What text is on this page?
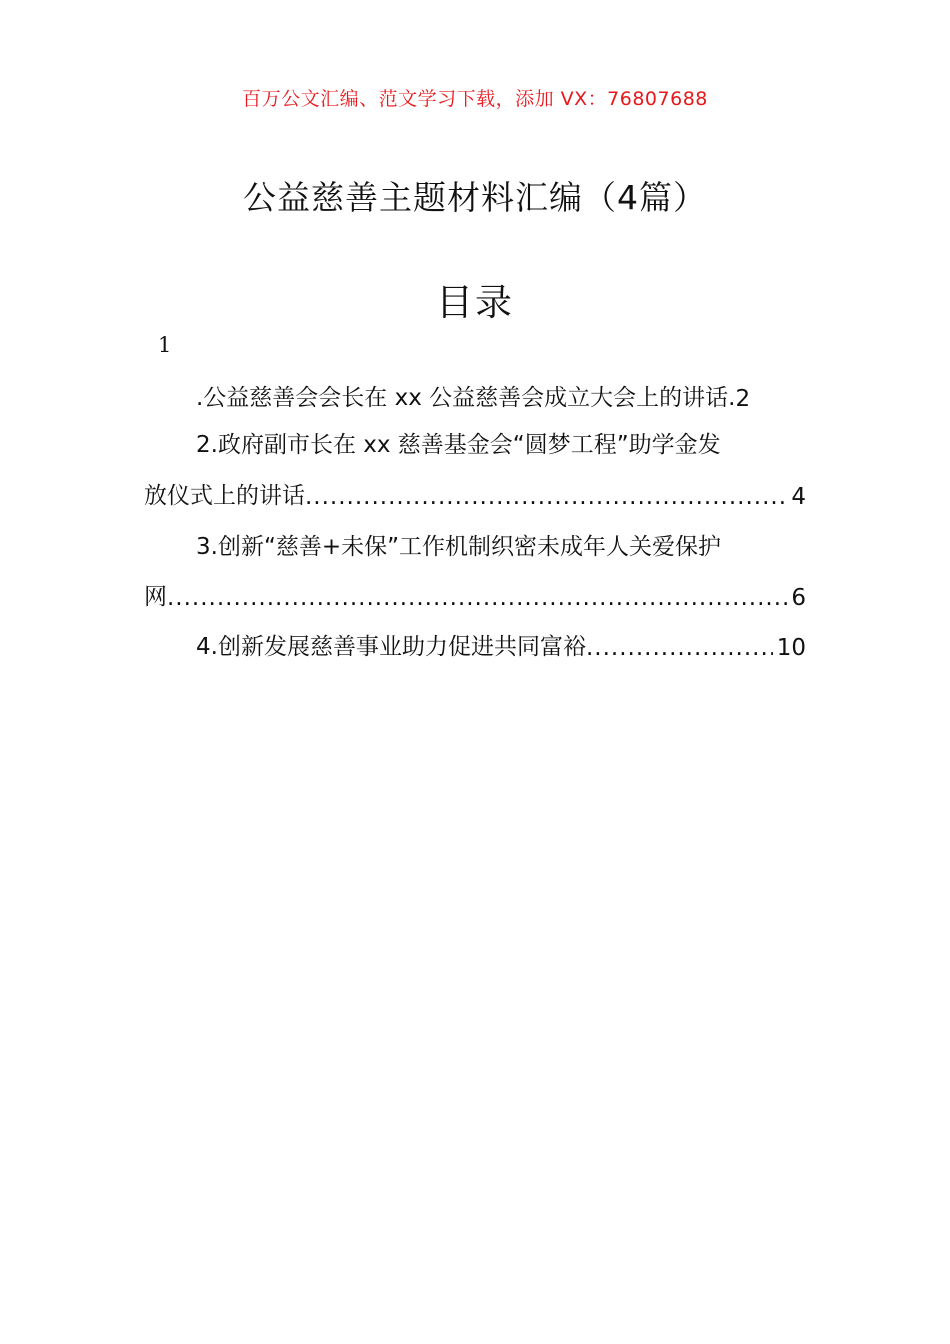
百万公文汇编、范文学习下载，添加 VX：76807688
公益慈善主题材料汇编（4篇）
目录
1
.公益慈善会会长在 xx 公益慈善会成立大会上的讲话. 2
2.政府副市长在 xx 慈善基金会“圆梦工程”助学金发
放仪式上的讲话 .....	4
3.创新“慈善+未保”工作机制织密未成年人关爱保护
网 .....	6
4.创新发展慈善事业助力促进共同富裕 .....	10
